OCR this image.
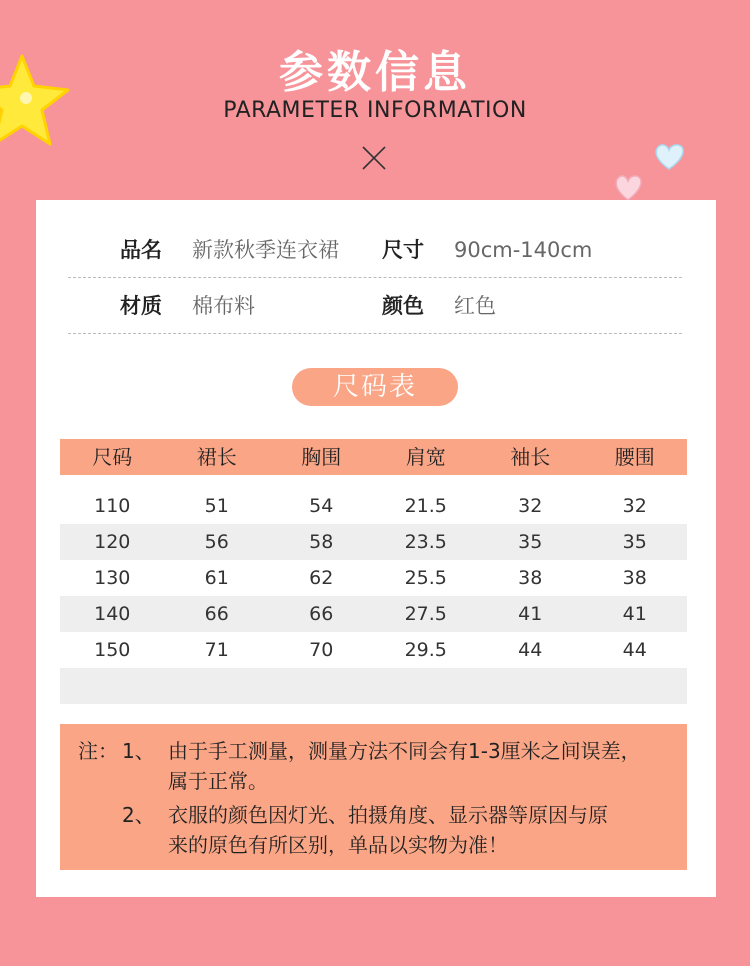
参数信息
PARAMETER INFORMATION
品名 新款秋季连衣裙 尺寸 90cm-140cm
材质 棉布料	颜色 红色
尺码表
尺码	裙长	胸围	肩宽	袖长	腰围
110	51	54	21.5	32	32
120	56	58	23.5	35	35
130	61	62	25.5	38	38
140	66	66	27.5	41	41
150	71	70	29.5	44	44
注： 1、 由于手工测量，测量方法不同会有1-3厘米之间误差，
属于正常。
2、 衣服的颜色因灯光、拍摄角度、显示器等原因与原
来的原色有所区别，单品以实物为准！
